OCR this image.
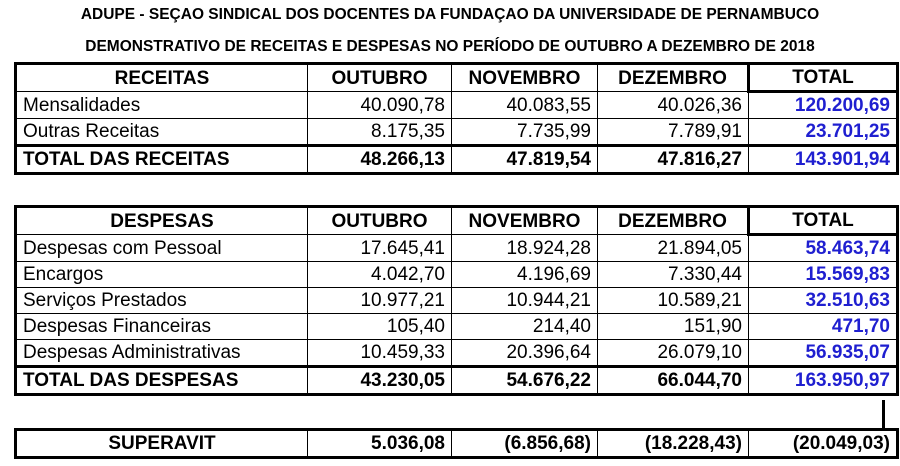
ADUPE - SEÇAO SINDICAL DOS DOCENTES DA FUNDAÇAO DA UNIVERSIDADE DE PERNAMBUCO
DEMONSTRATIVO DE RECEITAS E DESPESAS NO PERÍODO DE OUTUBRO A DEZEMBRO DE 2018
RECEITAS	OUTUBRO	NOVEMBRO	DEZEMBRO	TOTAL
Mensalidades	40.090,78	40.083,55	40.026,36	120.200,69
Outras Receitas	8.175,35	7.735,99	7.789,91	23.701,25
TOTAL DAS RECEITAS	48.266,13	47.819,54	47.816,27	143.901,94
DESPESAS	OUTUBRO	NOVEMBRO	DEZEMBRO	TOTAL
Despesas com Pessoal	17.645,41	18.924,28	21.894,05	58.463,74
Encargos	4.042,70	4.196,69	7.330,44	15.569,83
Serviços Prestados	10.977,21	10.944,21	10.589,21	32.510,63
Despesas Financeiras	105,40	214,40	151,90	471,70
Despesas Administrativas	10.459,33	20.396,64	26.079,10	56.935,07
TOTAL DAS DESPESAS	43.230,05	54.676,22	66.044,70	163.950,97
SUPERAVIT	5.036,08	(6.856,68)	(18.228,43)	(20.049,03)
